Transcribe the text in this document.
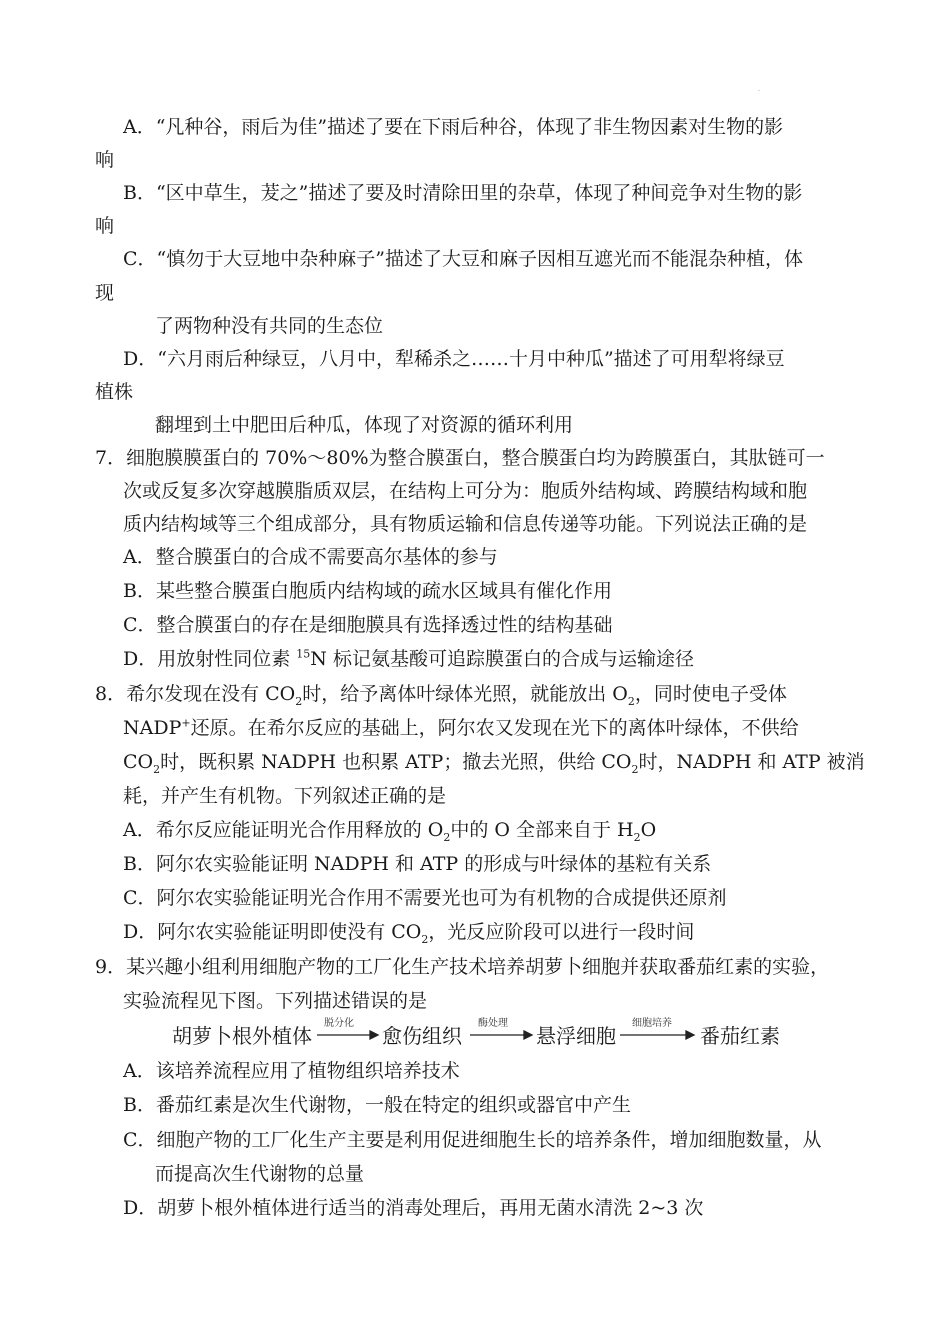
·
A．“凡种谷，雨后为佳”描述了要在下雨后种谷，体现了非生物因素对生物的影
响
B．“区中草生，茇之”描述了要及时清除田里的杂草，体现了种间竞争对生物的影
响
C．“慎勿于大豆地中杂种麻子”描述了大豆和麻子因相互遮光而不能混杂种植，体
现
了两物种没有共同的生态位
D．“六月雨后种绿豆，八月中，犁稀杀之……十月中种瓜”描述了可用犁将绿豆
植株
翻埋到土中肥田后种瓜，体现了对资源的循环利用
7．细胞膜膜蛋白的 70%～80%为整合膜蛋白，整合膜蛋白均为跨膜蛋白，其肽链可一
次或反复多次穿越膜脂质双层，在结构上可分为：胞质外结构域、跨膜结构域和胞
质内结构域等三个组成部分，具有物质运输和信息传递等功能。下列说法正确的是
A．整合膜蛋白的合成不需要高尔基体的参与
B．某些整合膜蛋白胞质内结构域的疏水区域具有催化作用
C．整合膜蛋白的存在是细胞膜具有选择透过性的结构基础
D．用放射性同位素 $^{15}$N 标记氨基酸可追踪膜蛋白的合成与运输途径
8．希尔发现在没有 $CO_2$时，给予离体叶绿体光照，就能放出 $O_2$，同时使电子受体
NADP+还原。在希尔反应的基础上，阿尔农又发现在光下的离体叶绿体，不供给
$CO_2$时，既积累 NADPH 也积累 ATP；撤去光照，供给 $CO_2$时，NADPH 和 ATP 被消
耗，并产生有机物。下列叙述正确的是
A．希尔反应能证明光合作用释放的 $O_2$中的 O 全部来自于 $H_2O$
B．阿尔农实验能证明 NADPH 和 ATP 的形成与叶绿体的基粒有关系
C．阿尔农实验能证明光合作用不需要光也可为有机物的合成提供还原剂
D．阿尔农实验能证明即使没有 $CO_2$，光反应阶段可以进行一段时间
9．某兴趣小组利用细胞产物的工厂化生产技术培养胡萝卜细胞并获取番茄红素的实验，
实验流程见下图。下列描述错误的是
胡萝卜根外植体
脱分化
愈伤组织
酶处理
悬浮细胞
细胞培养
番茄红素
A．该培养流程应用了植物组织培养技术
B．番茄红素是次生代谢物，一般在特定的组织或器官中产生
C．细胞产物的工厂化生产主要是利用促进细胞生长的培养条件，增加细胞数量，从
而提高次生代谢物的总量
D．胡萝卜根外植体进行适当的消毒处理后，再用无菌水清洗 2~3 次
